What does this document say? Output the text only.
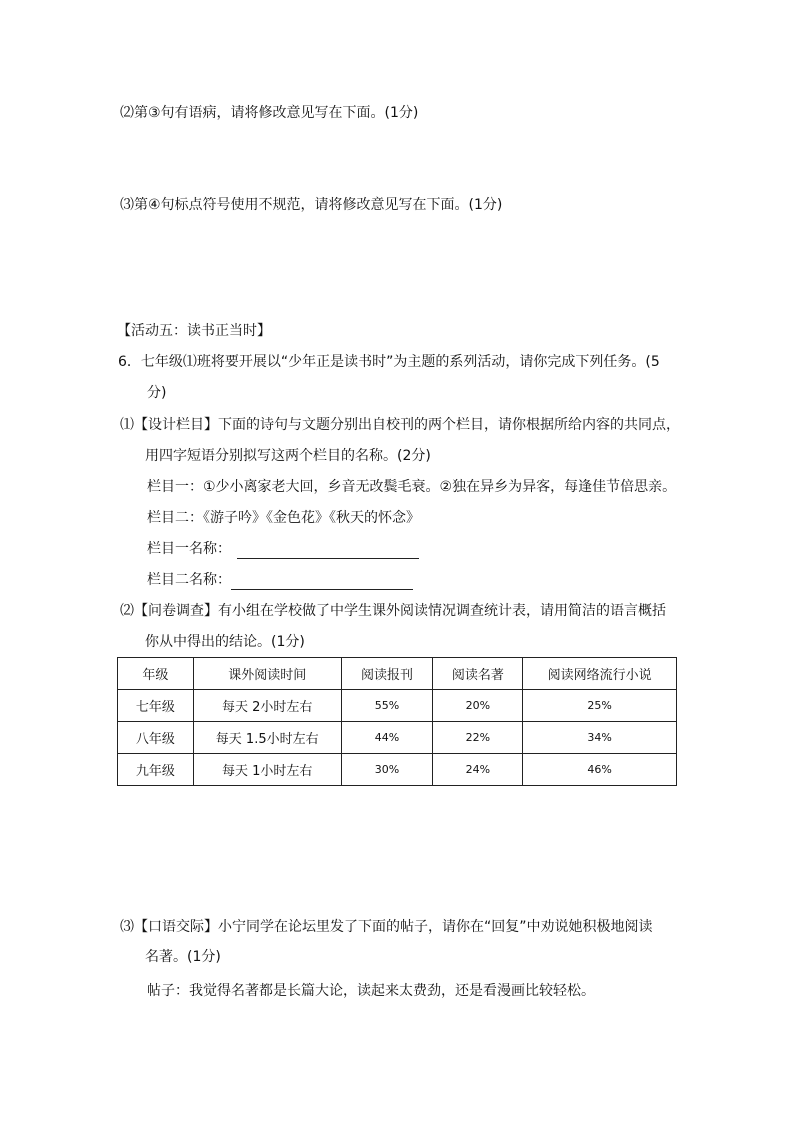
⑵第③句有语病，请将修改意见写在下面。(1分)
⑶第④句标点符号使用不规范，请将修改意见写在下面。(1分)
【活动五：读书正当时】
6．七年级⑴班将要开展以“少年正是读书时”为主题的系列活动，请你完成下列任务。(5
分)
⑴【设计栏目】下面的诗句与文题分别出自校刊的两个栏目，请你根据所给内容的共同点，
用四字短语分别拟写这两个栏目的名称。(2分)
栏目一：①少小离家老大回，乡音无改鬓毛衰。②独在异乡为异客，每逢佳节倍思亲。
栏目二：《游子吟》《金色花》《秋天的怀念》
栏目一名称：
栏目二名称：
⑵【问卷调查】有小组在学校做了中学生课外阅读情况调查统计表，请用简洁的语言概括
你从中得出的结论。(1分)
年级	课外阅读时间	阅读报刊	阅读名著	阅读网络流行小说
七年级	每天 2小时左右	55%	20%	25%
八年级	每天 1.5小时左右	44%	22%	34%
九年级	每天 1小时左右	30%	24%	46%
⑶【口语交际】小宁同学在论坛里发了下面的帖子，请你在“回复”中劝说她积极地阅读
名著。(1分)
帖子：我觉得名著都是长篇大论，读起来太费劲，还是看漫画比较轻松。
